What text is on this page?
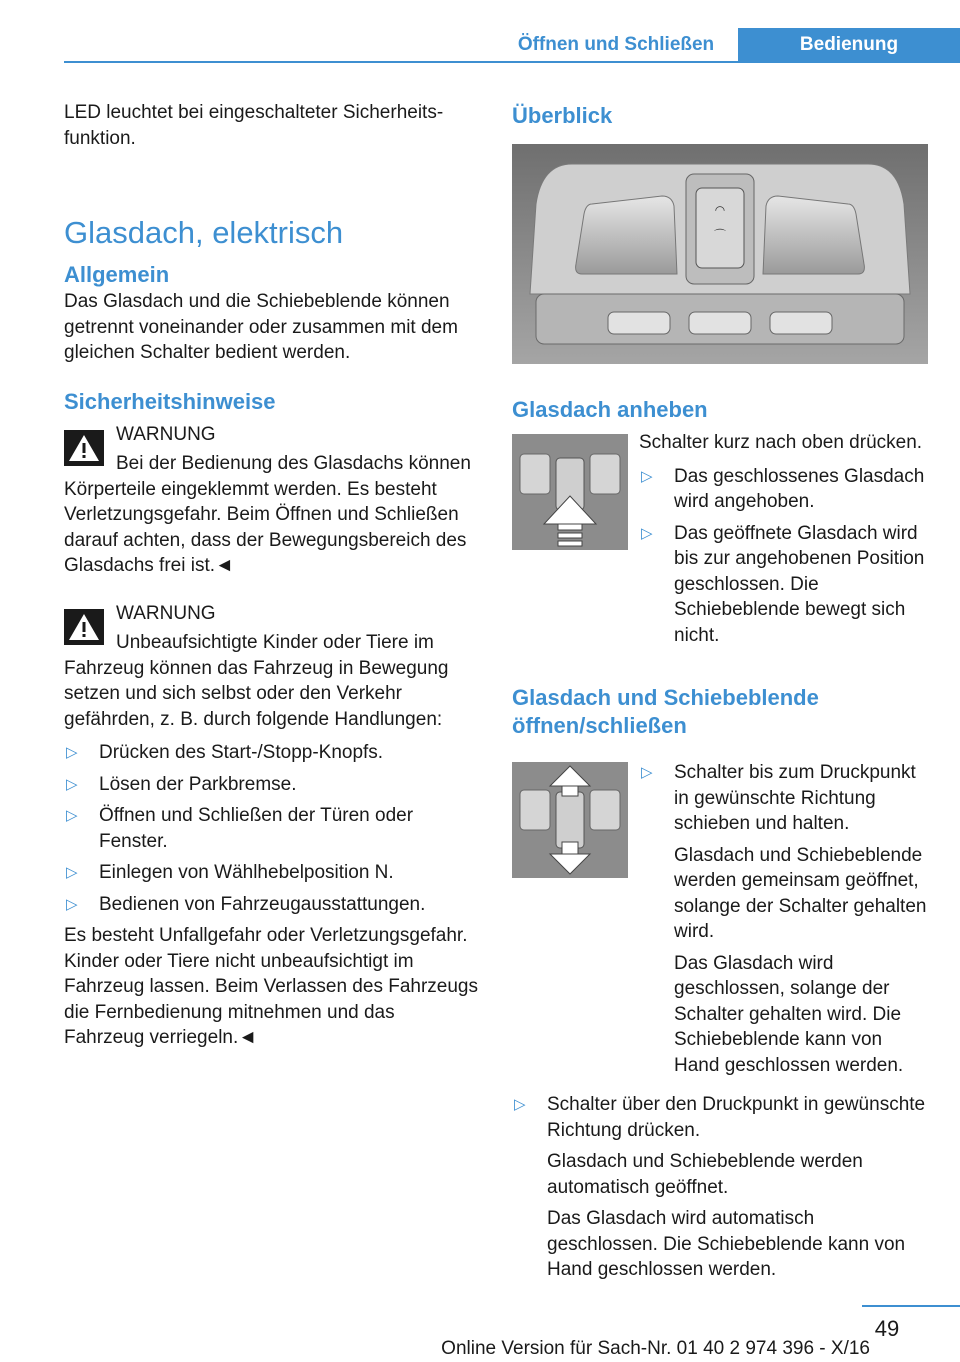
Öffnen und Schließen	Bedienung

LED leuchtet bei eingeschalteter Sicherheits-funktion.

Glasdach, elektrisch
Allgemein

Das Glasdach und die Schiebeblende können getrennt voneinander oder zusammen mit dem gleichen Schalter bedient werden.

Sicherheitshinweise

WARNUNG

Bei der Bedienung des Glasdachs können Körperteile eingeklemmt werden. Es besteht Verletzungsgefahr. Beim Öffnen und Schließen darauf achten, dass der Bewegungsbereich des Glasdachs frei ist.◄

WARNUNG

Unbeaufsichtigte Kinder oder Tiere im Fahrzeug können das Fahrzeug in Bewegung setzen und sich selbst oder den Verkehr gefährden, z. B. durch folgende Handlungen:

▷ Drücken des Start-/Stopp-Knopfs.
▷ Lösen der Parkbremse.
▷ Öffnen und Schließen der Türen oder Fenster.
▷ Einlegen von Wählhebelposition N.
▷ Bedienen von Fahrzeugausstattungen.

Es besteht Unfallgefahr oder Verletzungsgefahr. Kinder oder Tiere nicht unbeaufsichtigt im Fahrzeug lassen. Beim Verlassen des Fahrzeugs die Fernbedienung mitnehmen und das Fahrzeug verriegeln.◄

Überblick
◠
⌒
Glasdach anheben

Schalter kurz nach oben drücken.

▷ Das geschlossenes Glasdach wird angehoben.
▷ Das geöffnete Glasdach wird bis zur angehobenen Position geschlossen. Die Schiebeblende bewegt sich nicht.
Glasdach und Schiebeblende öffnen/schließen
▷ Schalter bis zum Druckpunkt in gewünschte Richtung schieben und halten.

Glasdach und Schiebeblende werden gemeinsam geöffnet, solange der Schalter gehalten wird.

Das Glasdach wird geschlossen, solange der Schalter gehalten wird. Die Schiebeblende kann von Hand geschlossen werden.

▷ Schalter über den Druckpunkt in gewünschte Richtung drücken.

Glasdach und Schiebeblende werden automatisch geöffnet.

Das Glasdach wird automatisch geschlossen. Die Schiebeblende kann von Hand geschlossen werden.

49
Online Version für Sach-Nr. 01 40 2 974 396 - X/16
